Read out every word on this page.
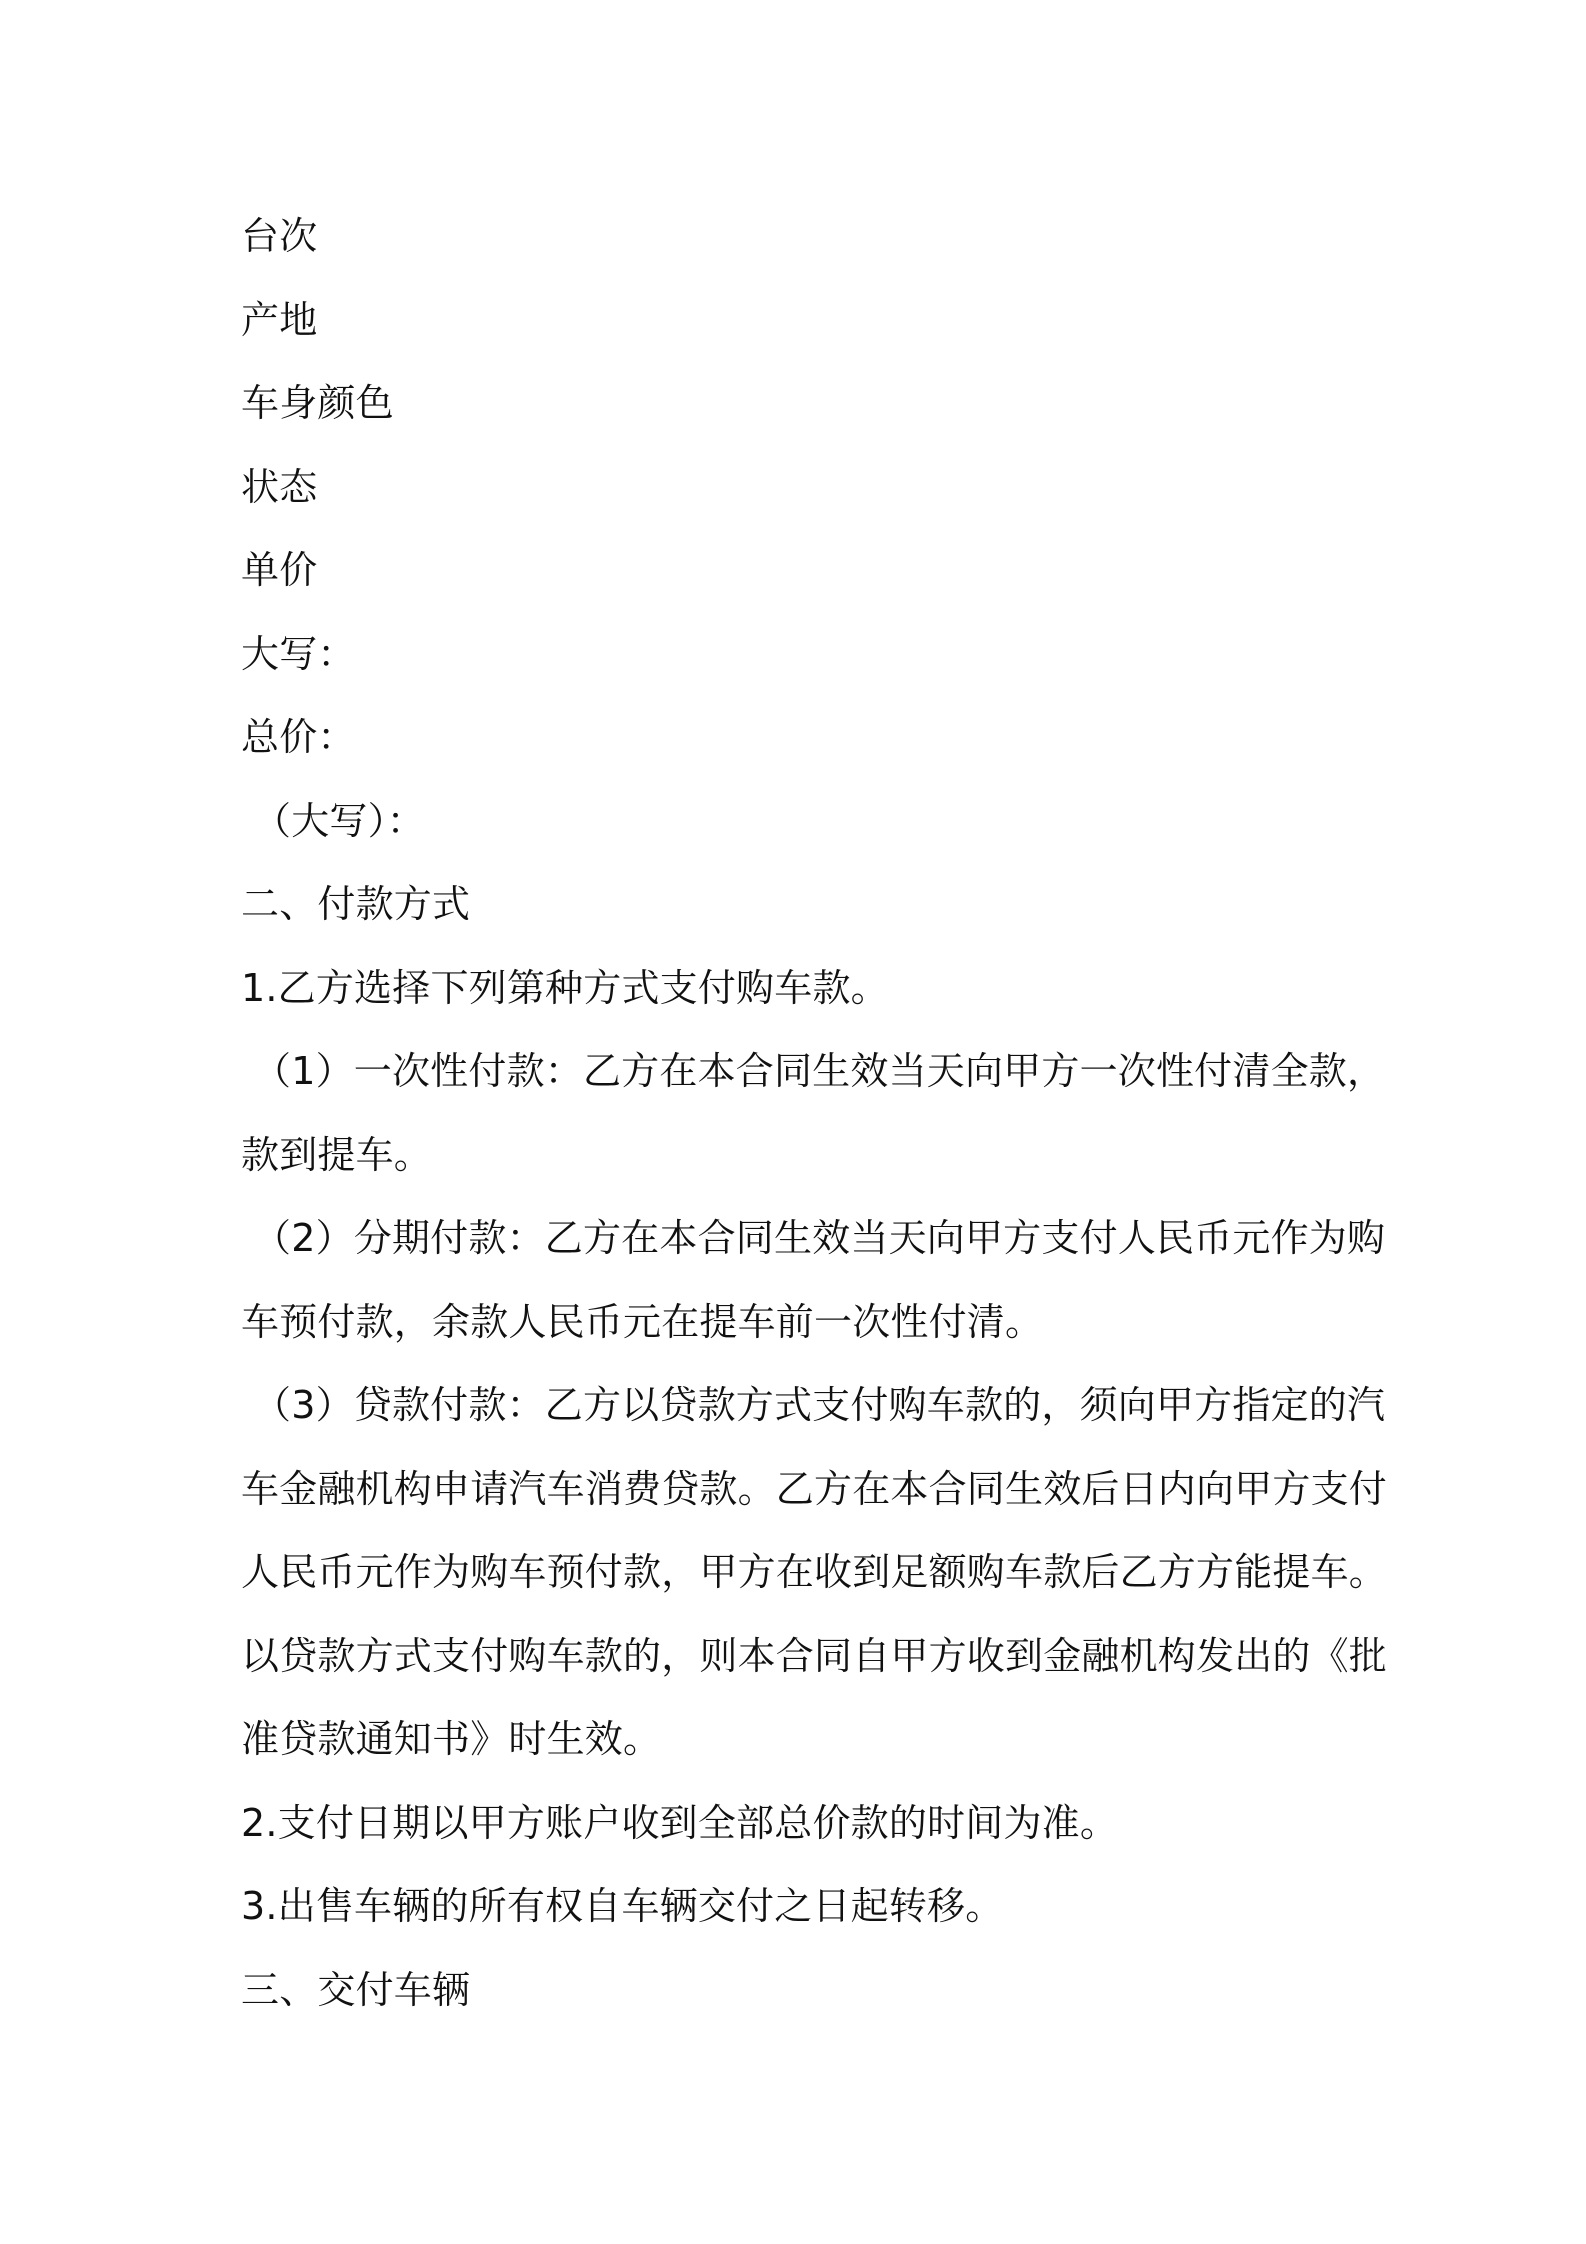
台次
产地
车身颜色
状态
单价
大写：
总价：
（大写）：
二、付款方式
1.乙方选择下列第种方式支付购车款。
（1）一次性付款：乙方在本合同生效当天向甲方一次性付清全款，
款到提车。
（2）分期付款：乙方在本合同生效当天向甲方支付人民币元作为购
车预付款，余款人民币元在提车前一次性付清。
（3）贷款付款：乙方以贷款方式支付购车款的，须向甲方指定的汽
车金融机构申请汽车消费贷款。乙方在本合同生效后日内向甲方支付
人民币元作为购车预付款，甲方在收到足额购车款后乙方方能提车。
以贷款方式支付购车款的，则本合同自甲方收到金融机构发出的《批
准贷款通知书》时生效。
2.支付日期以甲方账户收到全部总价款的时间为准。
3.出售车辆的所有权自车辆交付之日起转移。
三、交付车辆
